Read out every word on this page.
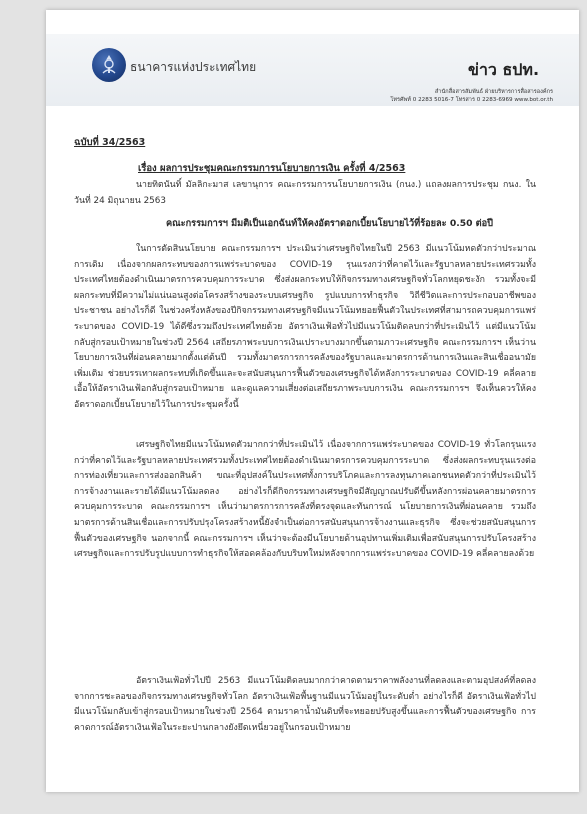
ธนาคารแห่งประเทศไทย	ข่าว ธปท.
สำนักสื่อสารสัมพันธ์ ฝ่ายบริหารการสื่อสารองค์กร
โทรศัพท์ 0 2283 5016-7 โทรสาร 0 2283-6969 www.bot.or.th
ฉบับที่ 34/2563
เรื่อง ผลการประชุมคณะกรรมการนโยบายการเงิน ครั้งที่ 4/2563
นายทิตนันทิ์ มัลลิกะมาส เลขานุการ คณะกรรมการนโยบายการเงิน (กนง.) แถลงผลการประชุม กนง. ในวันที่ 24 มิถุนายน 2563
คณะกรรมการฯ มีมติเป็นเอกฉันท์ให้คงอัตราดอกเบี้ยนโยบายไว้ที่ร้อยละ 0.50 ต่อปี
ในการตัดสินนโยบาย คณะกรรมการฯ ประเมินว่าเศรษฐกิจไทยในปี 2563 มีแนวโน้มหดตัวกว่าประมาณการเดิม เนื่องจากผลกระทบของการแพร่ระบาดของ COVID-19 รุนแรงกว่าที่คาดไว้และรัฐบาลหลายประเทศรวมทั้งประเทศไทยต้องดำเนินมาตรการควบคุมการระบาด ซึ่งส่งผลกระทบให้กิจกรรมทางเศรษฐกิจทั่วโลกหยุดชะงัก รวมทั้งจะมีผลกระทบที่มีความไม่แน่นอนสูงต่อโครงสร้างของระบบเศรษฐกิจ รูปแบบการทำธุรกิจ วิถีชีวิตและการประกอบอาชีพของประชาชน อย่างไรก็ดี ในช่วงครึ่งหลังของปีกิจกรรมทางเศรษฐกิจมีแนวโน้มทยอยฟื้นตัวในประเทศที่สามารถควบคุมการแพร่ระบาดของ COVID-19 ได้ดีซึ่งรวมถึงประเทศไทยด้วย อัตราเงินเฟ้อทั่วไปมีแนวโน้มติดลบกว่าที่ประเมินไว้ แต่มีแนวโน้มกลับสู่กรอบเป้าหมายในช่วงปี 2564 เสถียรภาพระบบการเงินเปราะบางมากขึ้นตามภาวะเศรษฐกิจ คณะกรรมการฯ เห็นว่านโยบายการเงินที่ผ่อนคลายมากตั้งแต่ต้นปี รวมทั้งมาตรการการคลังของรัฐบาลและมาตรการด้านการเงินและสินเชื่ออนามัยเพิ่มเติม ช่วยบรรเทาผลกระทบที่เกิดขึ้นและจะสนับสนุนการฟื้นตัวของเศรษฐกิจได้หลังการระบาดของ COVID-19 คลี่คลาย เอื้อให้อัตราเงินเฟ้อกลับสู่กรอบเป้าหมาย และดูแลความเสี่ยงต่อเสถียรภาพระบบการเงิน คณะกรรมการฯ จึงเห็นควรให้คงอัตราดอกเบี้ยนโยบายไว้ในการประชุมครั้งนี้
เศรษฐกิจไทยมีแนวโน้มหดตัวมากกว่าที่ประเมินไว้ เนื่องจากการแพร่ระบาดของ COVID-19 ทั่วโลกรุนแรงกว่าที่คาดไว้และรัฐบาลหลายประเทศรวมทั้งประเทศไทยต้องดำเนินมาตรการควบคุมการระบาด ซึ่งส่งผลกระทบรุนแรงต่อการท่องเที่ยวและการส่งออกสินค้า ขณะที่อุปสงค์ในประเทศทั้งการบริโภคและการลงทุนภาคเอกชนหดตัวกว่าที่ประเมินไว้ การจ้างงานและรายได้มีแนวโน้มลดลง อย่างไรก็ดีกิจกรรมทางเศรษฐกิจมีสัญญาณปรับดีขึ้นหลังการผ่อนคลายมาตรการควบคุมการระบาด คณะกรรมการฯ เห็นว่ามาตรการการคลังที่ตรงจุดและทันการณ์ นโยบายการเงินที่ผ่อนคลาย รวมถึงมาตรการด้านสินเชื่อและการปรับปรุงโครงสร้างหนี้ยังจำเป็นต่อการสนับสนุนการจ้างงานและธุรกิจ ซึ่งจะช่วยสนับสนุนการฟื้นตัวของเศรษฐกิจ นอกจากนี้ คณะกรรมการฯ เห็นว่าจะต้องมีนโยบายด้านอุปทานเพิ่มเติมเพื่อสนับสนุนการปรับโครงสร้างเศรษฐกิจและการปรับรูปแบบการทำธุรกิจให้สอดคล้องกับบริบทใหม่หลังจากการแพร่ระบาดของ COVID-19 คลี่คลายลงด้วย
อัตราเงินเฟ้อทั่วไปปี 2563 มีแนวโน้มติดลบมากกว่าคาดตามราคาพลังงานที่ลดลงและตามอุปสงค์ที่ลดลงจากการชะลอของกิจกรรมทางเศรษฐกิจทั่วโลก อัตราเงินเฟ้อพื้นฐานมีแนวโน้มอยู่ในระดับต่ำ อย่างไรก็ดี อัตราเงินเฟ้อทั่วไปมีแนวโน้มกลับเข้าสู่กรอบเป้าหมายในช่วงปี 2564 ตามราคาน้ำมันดิบที่จะทยอยปรับสูงขึ้นและการฟื้นตัวของเศรษฐกิจ การคาดการณ์อัตราเงินเฟ้อในระยะปานกลางยังยึดเหนี่ยวอยู่ในกรอบเป้าหมาย
